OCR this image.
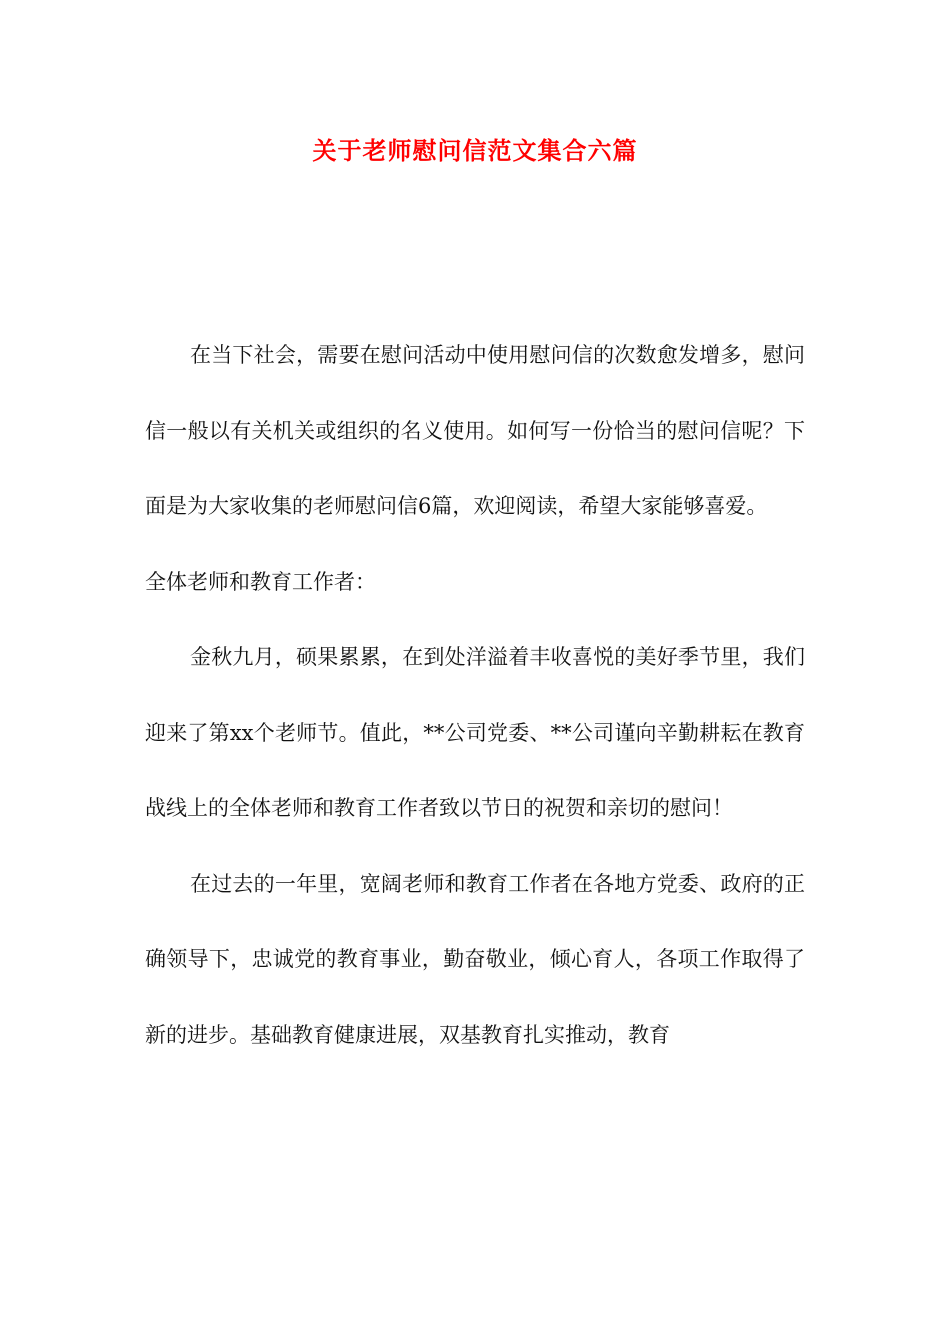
关于老师慰问信范文集合六篇

在当下社会，需要在慰问活动中使用慰问信的次数愈发增多，慰问信一般以有关机关或组织的名义使用。如何写一份恰当的慰问信呢？下面是为大家收集的老师慰问信6篇，欢迎阅读，希望大家能够喜爱。

全体老师和教育工作者：

金秋九月，硕果累累，在到处洋溢着丰收喜悦的美好季节里，我们迎来了第xx个老师节。值此，**公司党委、**公司谨向辛勤耕耘在教育战线上的全体老师和教育工作者致以节日的祝贺和亲切的慰问！

在过去的一年里，宽阔老师和教育工作者在各地方党委、政府的正确领导下，忠诚党的教育事业，勤奋敬业，倾心育人，各项工作取得了新的进步。基础教育健康进展，双基教育扎实推动，教育
